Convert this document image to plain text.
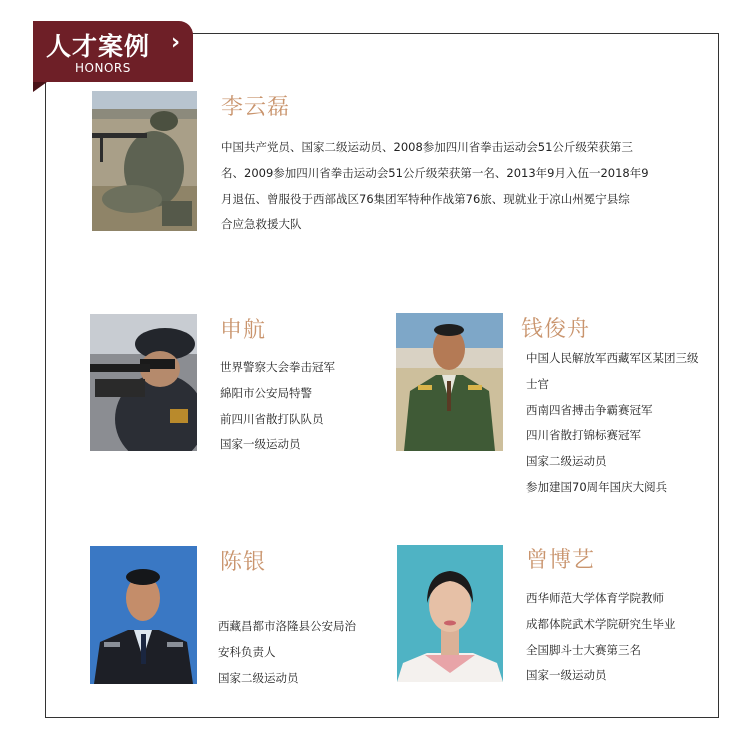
人才案例 ›
HONORS
李云磊
中国共产党员、国家二级运动员、2008参加四川省拳击运动会51公斤级荣获第三
名、2009参加四川省拳击运动会51公斤级荣获第一名、2013年9月入伍一2018年9
月退伍、曾服役于西部战区76集团军特种作战第76旅、现就业于凉山州冕宁县综
合应急救援大队
申航
世界警察大会拳击冠军
綿阳市公安局特警
前四川省散打队队员
国家一级运动员
钱俊舟
中国人民解放军西藏军区某团三级
士官
西南四省搏击争霸赛冠军
四川省散打锦标赛冠军
国家二级运动员
参加建国70周年国庆大阅兵
陈银
西藏昌都市洛隆县公安局治
安科负责人
国家二级运动员
曾博艺
西华师范大学体育学院教师
成都体院武术学院研究生毕业
全国脚斗士大赛第三名
国家一级运动员
